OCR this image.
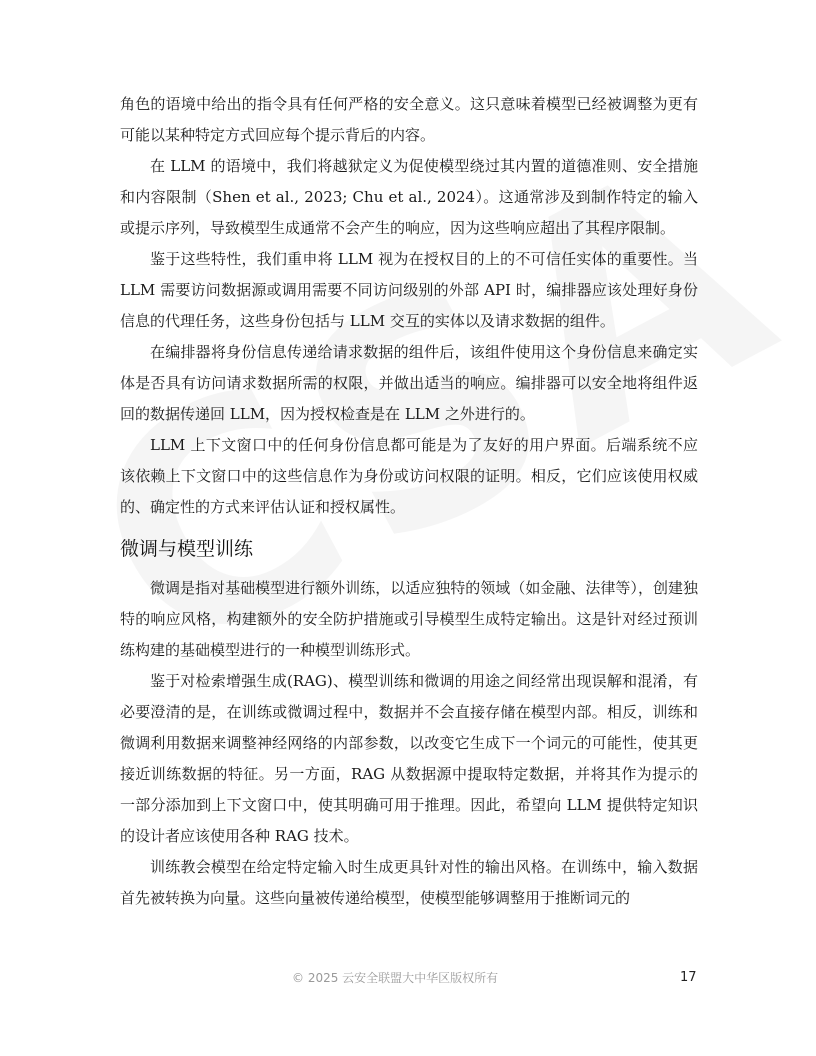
角色的语境中给出的指令具有任何严格的安全意义。这只意味着模型已经被调整为更有可能以某种特定方式回应每个提示背后的内容。

在 LLM 的语境中，我们将越狱定义为促使模型绕过其内置的道德准则、安全措施和内容限制（Shen et al., 2023; Chu et al., 2024）。这通常涉及到制作特定的输入或提示序列，导致模型生成通常不会产生的响应，因为这些响应超出了其程序限制。

鉴于这些特性，我们重申将 LLM 视为在授权目的上的不可信任实体的重要性。当 LLM 需要访问数据源或调用需要不同访问级别的外部 API 时，编排器应该处理好身份信息的代理任务，这些身份包括与 LLM 交互的实体以及请求数据的组件。

在编排器将身份信息传递给请求数据的组件后，该组件使用这个身份信息来确定实体是否具有访问请求数据所需的权限，并做出适当的响应。编排器可以安全地将组件返回的数据传递回 LLM，因为授权检查是在 LLM 之外进行的。

LLM 上下文窗口中的任何身份信息都可能是为了友好的用户界面。后端系统不应该依赖上下文窗口中的这些信息作为身份或访问权限的证明。相反，它们应该使用权威的、确定性的方式来评估认证和授权属性。

微调与模型训练

微调是指对基础模型进行额外训练，以适应独特的领域（如金融、法律等），创建独特的响应风格，构建额外的安全防护措施或引导模型生成特定输出。这是针对经过预训练构建的基础模型进行的一种模型训练形式。

鉴于对检索增强生成(RAG)、模型训练和微调的用途之间经常出现误解和混淆，有必要澄清的是，在训练或微调过程中，数据并不会直接存储在模型内部。相反，训练和微调利用数据来调整神经网络的内部参数，以改变它生成下一个词元的可能性，使其更接近训练数据的特征。另一方面，RAG 从数据源中提取特定数据，并将其作为提示的一部分添加到上下文窗口中，使其明确可用于推理。因此，希望向 LLM 提供特定知识的设计者应该使用各种 RAG 技术。

训练教会模型在给定特定输入时生成更具针对性的输出风格。在训练中，输入数据首先被转换为向量。这些向量被传递给模型，使模型能够调整用于推断词元的

© 2025 云安全联盟大中华区版权所有	17
